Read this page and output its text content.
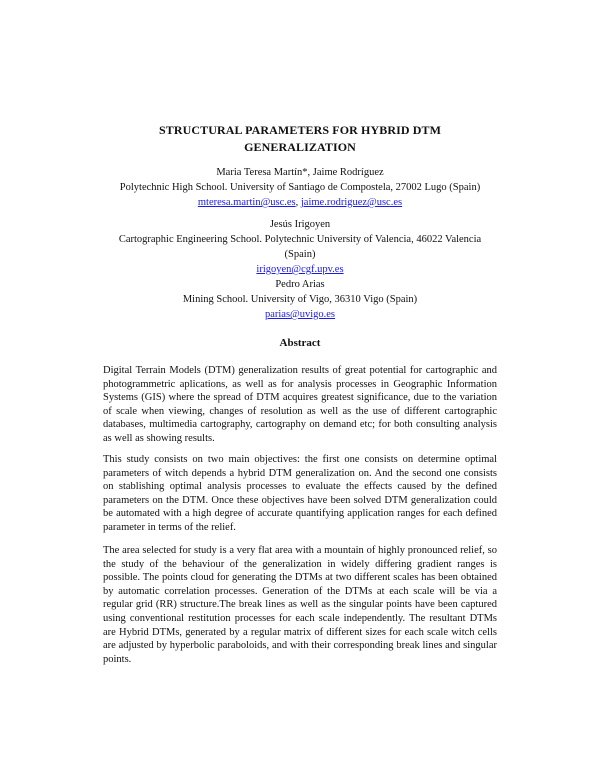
STRUCTURAL PARAMETERS FOR HYBRID DTM
GENERALIZATION
Maria Teresa Martín*, Jaime Rodríguez
Polytechnic High School. University of Santiago de Compostela, 27002 Lugo (Spain)
mteresa.martin@usc.es, jaime.rodriguez@usc.es
Jesús Irigoyen
Cartographic Engineering School. Polytechnic University of Valencia, 46022 Valencia
(Spain)
irigoyen@cgf.upv.es
Pedro Arias
Mining School. University of Vigo, 36310 Vigo (Spain)
parias@uvigo.es
Abstract
Digital Terrain Models (DTM) generalization results of great potential for cartographic and photogrammetric aplications, as well as for analysis processes in Geographic Information Systems (GIS) where the spread of DTM acquires greatest significance, due to the variation of scale when viewing, changes of resolution as well as the use of different cartographic databases, multimedia cartography, cartography on demand etc; for both consulting analysis as well as showing results.
This study consists on two main objectives: the first one consists on determine optimal parameters of witch depends a hybrid DTM generalization on. And the second one consists on stablishing optimal analysis processes to evaluate the effects caused by the defined parameters on the DTM. Once these objectives have been solved DTM generalization could be automated with a high degree of accurate quantifying application ranges for each defined parameter in terms of the relief.
The area selected for study is a very flat area with a mountain of highly pronounced relief, so the study of the behaviour of the generalization in widely differing gradient ranges is possible. The points cloud for generating the DTMs at two different scales has been obtained by automatic correlation processes. Generation of the DTMs at each scale will be via a regular grid (RR) structure.The break lines as well as the singular points have been captured using conventional restitution processes for each scale independently. The resultant DTMs are Hybrid DTMs, generated by a regular matrix of different sizes for each scale witch cells are adjusted by hyperbolic paraboloids, and with their corresponding break lines and singular points.
